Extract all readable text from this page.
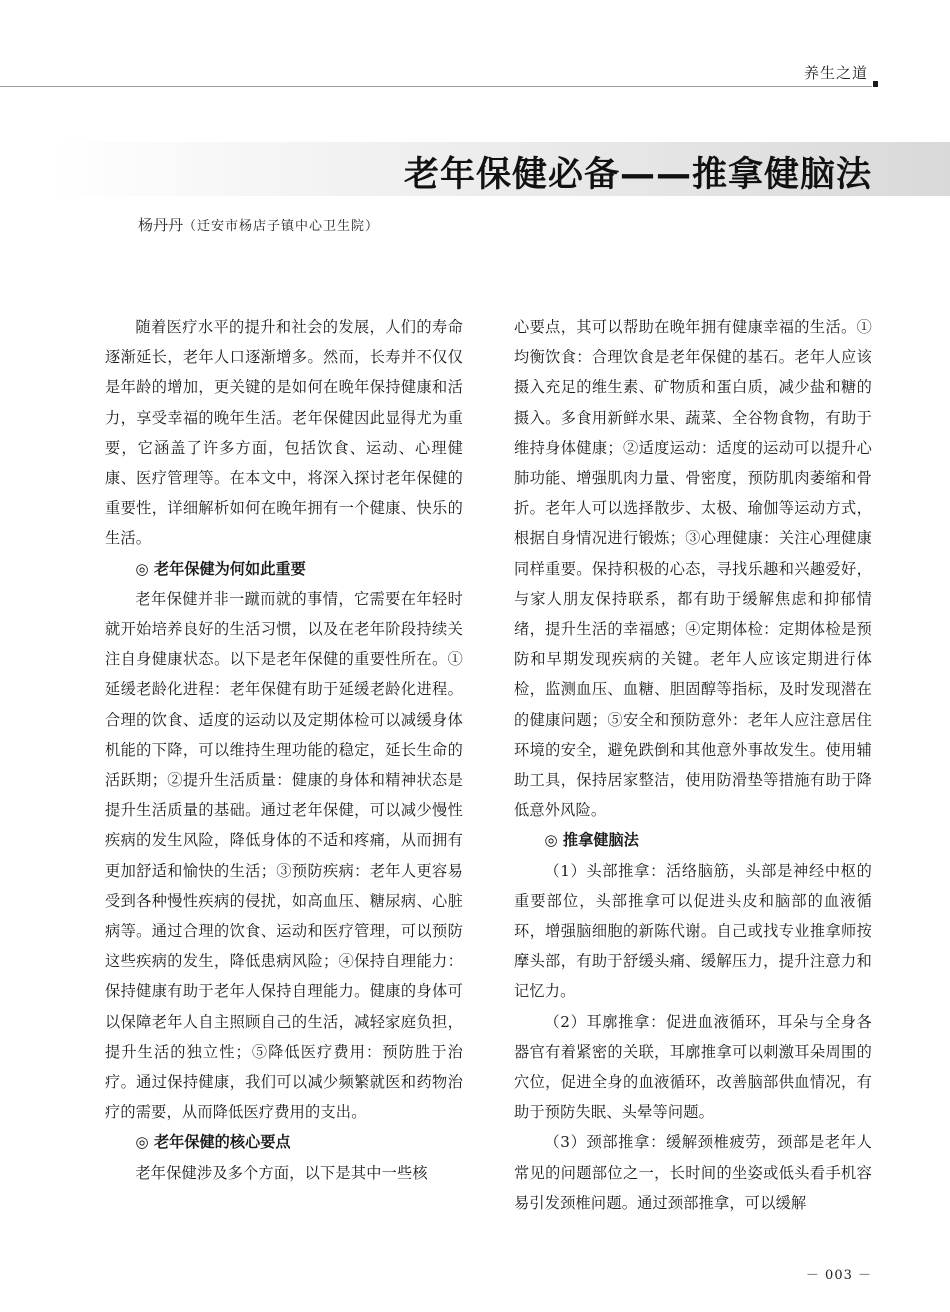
养生之道
老年保健必备——推拿健脑法
杨丹丹（迁安市杨店子镇中心卫生院）

随着医疗水平的提升和社会的发展，人们的寿命逐渐延长，老年人口逐渐增多。然而，长寿并不仅仅是年龄的增加，更关键的是如何在晚年保持健康和活力，享受幸福的晚年生活。老年保健因此显得尤为重要，它涵盖了许多方面，包括饮食、运动、心理健康、医疗管理等。在本文中，将深入探讨老年保健的重要性，详细解析如何在晚年拥有一个健康、快乐的生活。

◎ 老年保健为何如此重要

老年保健并非一蹴而就的事情，它需要在年轻时就开始培养良好的生活习惯，以及在老年阶段持续关注自身健康状态。以下是老年保健的重要性所在。①延缓老龄化进程：老年保健有助于延缓老龄化进程。合理的饮食、适度的运动以及定期体检可以减缓身体机能的下降，可以维持生理功能的稳定，延长生命的活跃期；②提升生活质量：健康的身体和精神状态是提升生活质量的基础。通过老年保健，可以减少慢性疾病的发生风险，降低身体的不适和疼痛，从而拥有更加舒适和愉快的生活；③预防疾病：老年人更容易受到各种慢性疾病的侵扰，如高血压、糖尿病、心脏病等。通过合理的饮食、运动和医疗管理，可以预防这些疾病的发生，降低患病风险；④保持自理能力：保持健康有助于老年人保持自理能力。健康的身体可以保障老年人自主照顾自己的生活，减轻家庭负担，提升生活的独立性；⑤降低医疗费用：预防胜于治疗。通过保持健康，我们可以减少频繁就医和药物治疗的需要，从而降低医疗费用的支出。

◎ 老年保健的核心要点

老年保健涉及多个方面，以下是其中一些核

心要点，其可以帮助在晚年拥有健康幸福的生活。①均衡饮食：合理饮食是老年保健的基石。老年人应该摄入充足的维生素、矿物质和蛋白质，减少盐和糖的摄入。多食用新鲜水果、蔬菜、全谷物食物，有助于维持身体健康；②适度运动：适度的运动可以提升心肺功能、增强肌肉力量、骨密度，预防肌肉萎缩和骨折。老年人可以选择散步、太极、瑜伽等运动方式，根据自身情况进行锻炼；③心理健康：关注心理健康同样重要。保持积极的心态，寻找乐趣和兴趣爱好，与家人朋友保持联系，都有助于缓解焦虑和抑郁情绪，提升生活的幸福感；④定期体检：定期体检是预防和早期发现疾病的关键。老年人应该定期进行体检，监测血压、血糖、胆固醇等指标，及时发现潜在的健康问题；⑤安全和预防意外：老年人应注意居住环境的安全，避免跌倒和其他意外事故发生。使用辅助工具，保持居家整洁，使用防滑垫等措施有助于降低意外风险。

◎ 推拿健脑法

（1）头部推拿：活络脑筋，头部是神经中枢的重要部位，头部推拿可以促进头皮和脑部的血液循环，增强脑细胞的新陈代谢。自己或找专业推拿师按摩头部，有助于舒缓头痛、缓解压力，提升注意力和记忆力。

（2）耳廓推拿：促进血液循环，耳朵与全身各器官有着紧密的关联，耳廓推拿可以刺激耳朵周围的穴位，促进全身的血液循环，改善脑部供血情况，有助于预防失眠、头晕等问题。

（3）颈部推拿：缓解颈椎疲劳，颈部是老年人常见的问题部位之一，长时间的坐姿或低头看手机容易引发颈椎问题。通过颈部推拿，可以缓解

－ 003 －
